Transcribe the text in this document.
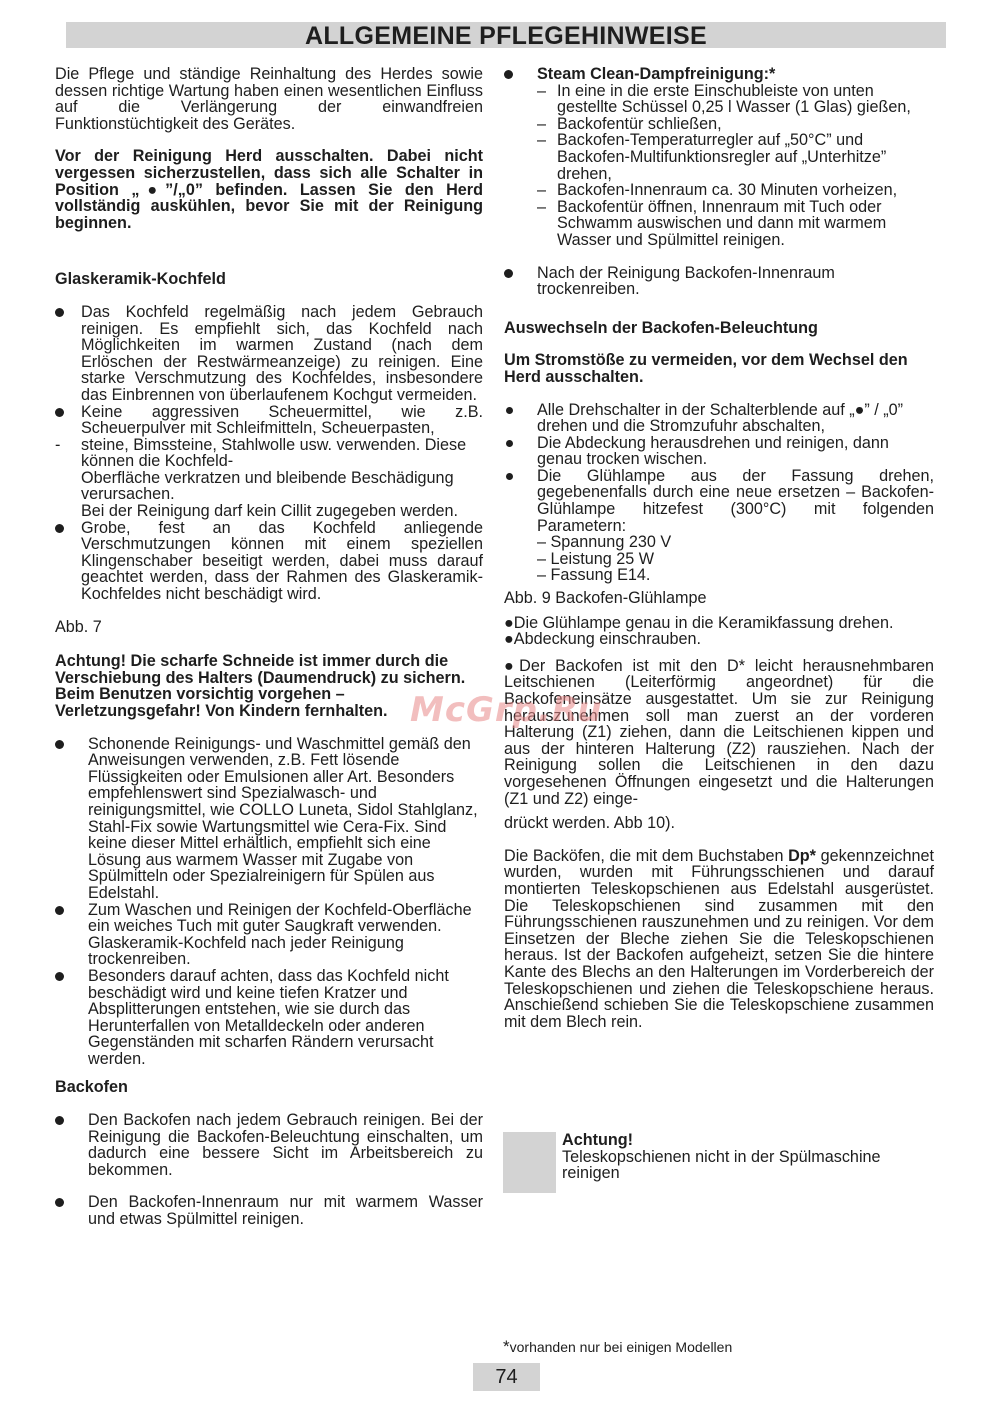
ALLGEMEINE PFLEGEHINWEISE

Die Pflege und ständige Reinhaltung des Herdes sowie dessen richtige Wartung haben einen wesentlichen Einfluss auf die Verlängerung der einwandfreien Funktionstüchtigkeit des Gerätes.

Vor der Reinigung Herd ausschalten. Dabei nicht vergessen sicherzustellen, dass sich alle Schalter in Position „●”/„0” befinden. Lassen Sie den Herd vollständig auskühlen, bevor Sie mit der Reinigung beginnen.

Glaskeramik-Kochfeld

Das Kochfeld regelmäßig nach jedem Gebrauch reinigen. Es empfiehlt sich, das Kochfeld nach Möglichkeiten im warmen Zustand (nach dem Erlöschen der Restwärmeanzeige) zu reinigen. Eine starke Verschmutzung des Kochfeldes, insbesondere das Einbrennen von überlaufenem Kochgut vermeiden.

Keine aggressiven Scheuermittel, wie z.B. Scheuerpulver mit Schleifmitteln, Scheuerpasten,

- steine, Bimssteine, Stahlwolle usw. verwenden. Diese können die Kochfeld-

Oberfläche verkratzen und bleibende Beschädigung verursachen.

Bei der Reinigung darf kein Cillit zugegeben werden.

Grobe, fest an das Kochfeld anliegende Verschmutzungen können mit einem speziellen Klingenschaber beseitigt werden, dabei muss darauf geachtet werden, dass der Rahmen des Glaskeramik-Kochfeldes nicht beschädigt wird.

Abb. 7

Achtung! Die scharfe Schneide ist immer durch die Verschiebung des Halters (Daumendruck) zu sichern. Beim Benutzen vorsichtig vorgehen – Verletzungsgefahr! Von Kindern fernhalten.

Schonende Reinigungs- und Waschmittel gemäß den Anweisungen verwenden, z.B. Fett lösende Flüssigkeiten oder Emulsionen aller Art. Besonders empfehlenswert sind Spezialwasch- und reinigungsmittel, wie COLLO Luneta, Sidol Stahlglanz, Stahl-Fix sowie Wartungsmittel wie Cera-Fix. Sind keine dieser Mittel erhältlich, empfiehlt sich eine Lösung aus warmem Wasser mit Zugabe von Spülmitteln oder Spezialreinigern für Spülen aus Edelstahl.

Zum Waschen und Reinigen der Kochfeld-Oberfläche ein weiches Tuch mit guter Saugkraft verwenden. Glaskeramik-Kochfeld nach jeder Reinigung trockenreiben.

Besonders darauf achten, dass das Kochfeld nicht beschädigt wird und keine tiefen Kratzer und Absplitterungen entstehen, wie sie durch das Herunterfallen von Metalldeckeln oder anderen Gegenständen mit scharfen Rändern verursacht werden.

Backofen

Den Backofen nach jedem Gebrauch reinigen. Bei der Reinigung die Backofen-Beleuchtung einschalten, um dadurch eine bessere Sicht im Arbeitsbereich zu bekommen.

Den Backofen-Innenraum nur mit warmem Wasser und etwas Spülmittel reinigen.

Steam Clean-Dampfreinigung:*

– In eine in die erste Einschubleiste von unten gestellte Schüssel 0,25 l Wasser (1 Glas) gießen,
– Backofentür schließen,
– Backofen-Temperaturregler auf „50°C” und Backofen-Multifunktionsregler auf „Unterhitze” drehen,
– Backofen-Innenraum ca. 30 Minuten vorheizen,
– Backofentür öffnen, Innenraum mit Tuch oder Schwamm auswischen und dann mit warmem Wasser und Spülmittel reinigen.

Nach der Reinigung Backofen-Innenraum trockenreiben.

Auswechseln der Backofen-Beleuchtung

Um Stromstöße zu vermeiden, vor dem Wechsel den Herd ausschalten.

Alle Drehschalter in der Schalterblende auf „●” / „0” drehen und die Stromzufuhr abschalten,

Die Abdeckung herausdrehen und reinigen, dann genau trocken wischen.

Die Glühlampe aus der Fassung drehen, gegebenenfalls durch eine neue ersetzen – Backofen-Glühlampe hitzefest (300°C) mit folgenden Parametern:

– Spannung 230 V

– Leistung 25 W

– Fassung E14.

Abb. 9 Backofen-Glühlampe

●Die Glühlampe genau in die Keramikfassung drehen.

●Abdeckung einschrauben.

●Der Backofen ist mit den D* leicht herausnehmbaren Leitschienen (Leiterförmig angeordnet) für die Backofeneinsätze ausgestattet. Um sie zur Reinigung herauszunehmen soll man zuerst an der vorderen Halterung (Z1) ziehen, dann die Leitschienen kippen und aus der hinteren Halterung (Z2) rausziehen. Nach der Reinigung sollen die Leitschienen in den dazu vorgesehenen Öffnungen eingesetzt und die Halterungen (Z1 und Z2) einge-

drückt werden. Abb 10).

Die Backöfen, die mit dem Buchstaben Dp* gekennzeichnet wurden, wurden mit Führungsschienen und darauf montierten Teleskopschienen aus Edelstahl ausgerüstet. Die Teleskopschienen sind zusammen mit den Führungsschienen rauszunehmen und zu reinigen. Vor dem Einsetzen der Bleche ziehen Sie die Teleskopschienen heraus. Ist der Backofen aufgeheizt, setzen Sie die hintere Kante des Blechs an den Halterungen im Vorderbereich der Teleskopschienen und ziehen die Teleskopschiene heraus. Anschießend schieben Sie die Teleskopschiene zusammen mit dem Blech rein.

Achtung!

Teleskopschienen nicht in der Spülmaschine reinigen

*vorhanden nur bei einigen Modellen
74
McGrp.Ru
